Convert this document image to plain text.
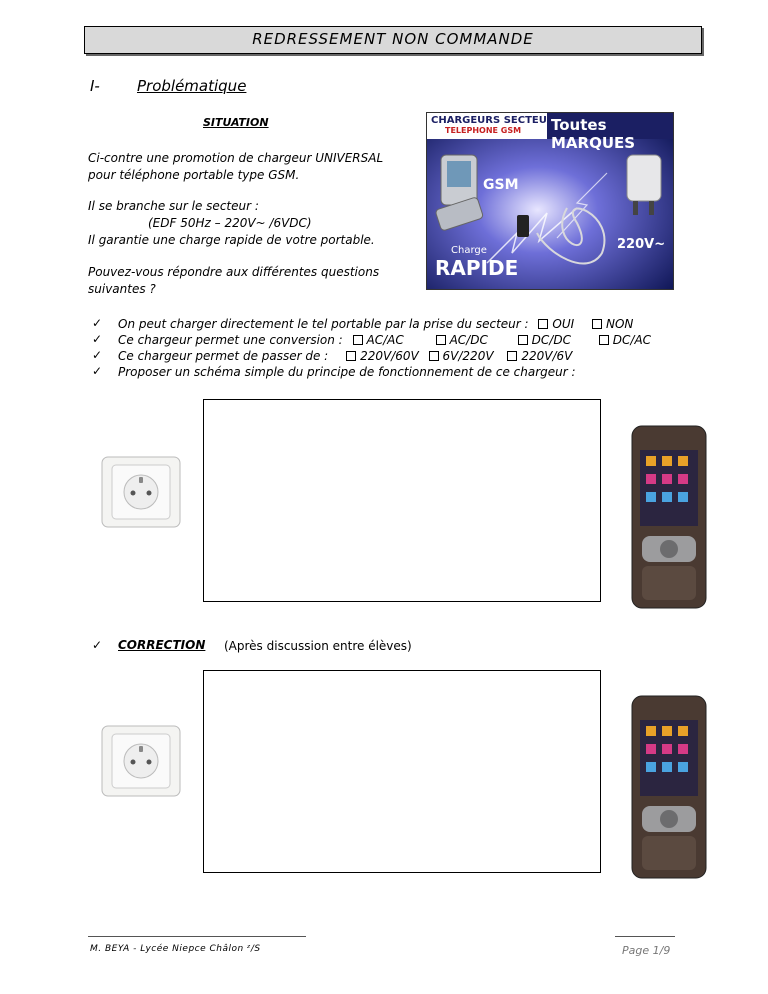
REDRESSEMENT NON COMMANDE
I- Problématique
SITUATION
Ci-contre une promotion de chargeur UNIVERSAL
pour téléphone portable type GSM.
Il se branche sur le secteur :
(EDF 50Hz – 220V~ /6VDC)
Il garantie une charge rapide de votre portable.
Pouvez-vous répondre aux différentes questions
suivantes ?
CHARGEURS SECTEUR
TELEPHONE GSM Toutes MARQUES
GSM
Charge
RAPIDE
220V~
✓ On peut charger directement le tel portable par la prise du secteur : OUI	NON
✓ Ce chargeur permet une conversion : AC/AC	AC/DC	DC/DC	DC/AC
✓ Ce chargeur permet de passer de :	220V/60V 6V/220V 220V/6V
✓ Proposer un schéma simple du principe de fonctionnement de ce chargeur :
✓ CORRECTION (Après discussion entre élèves)
M. BEYA - Lycée Niepce Châlon ᶻ/S	Page 1/9
